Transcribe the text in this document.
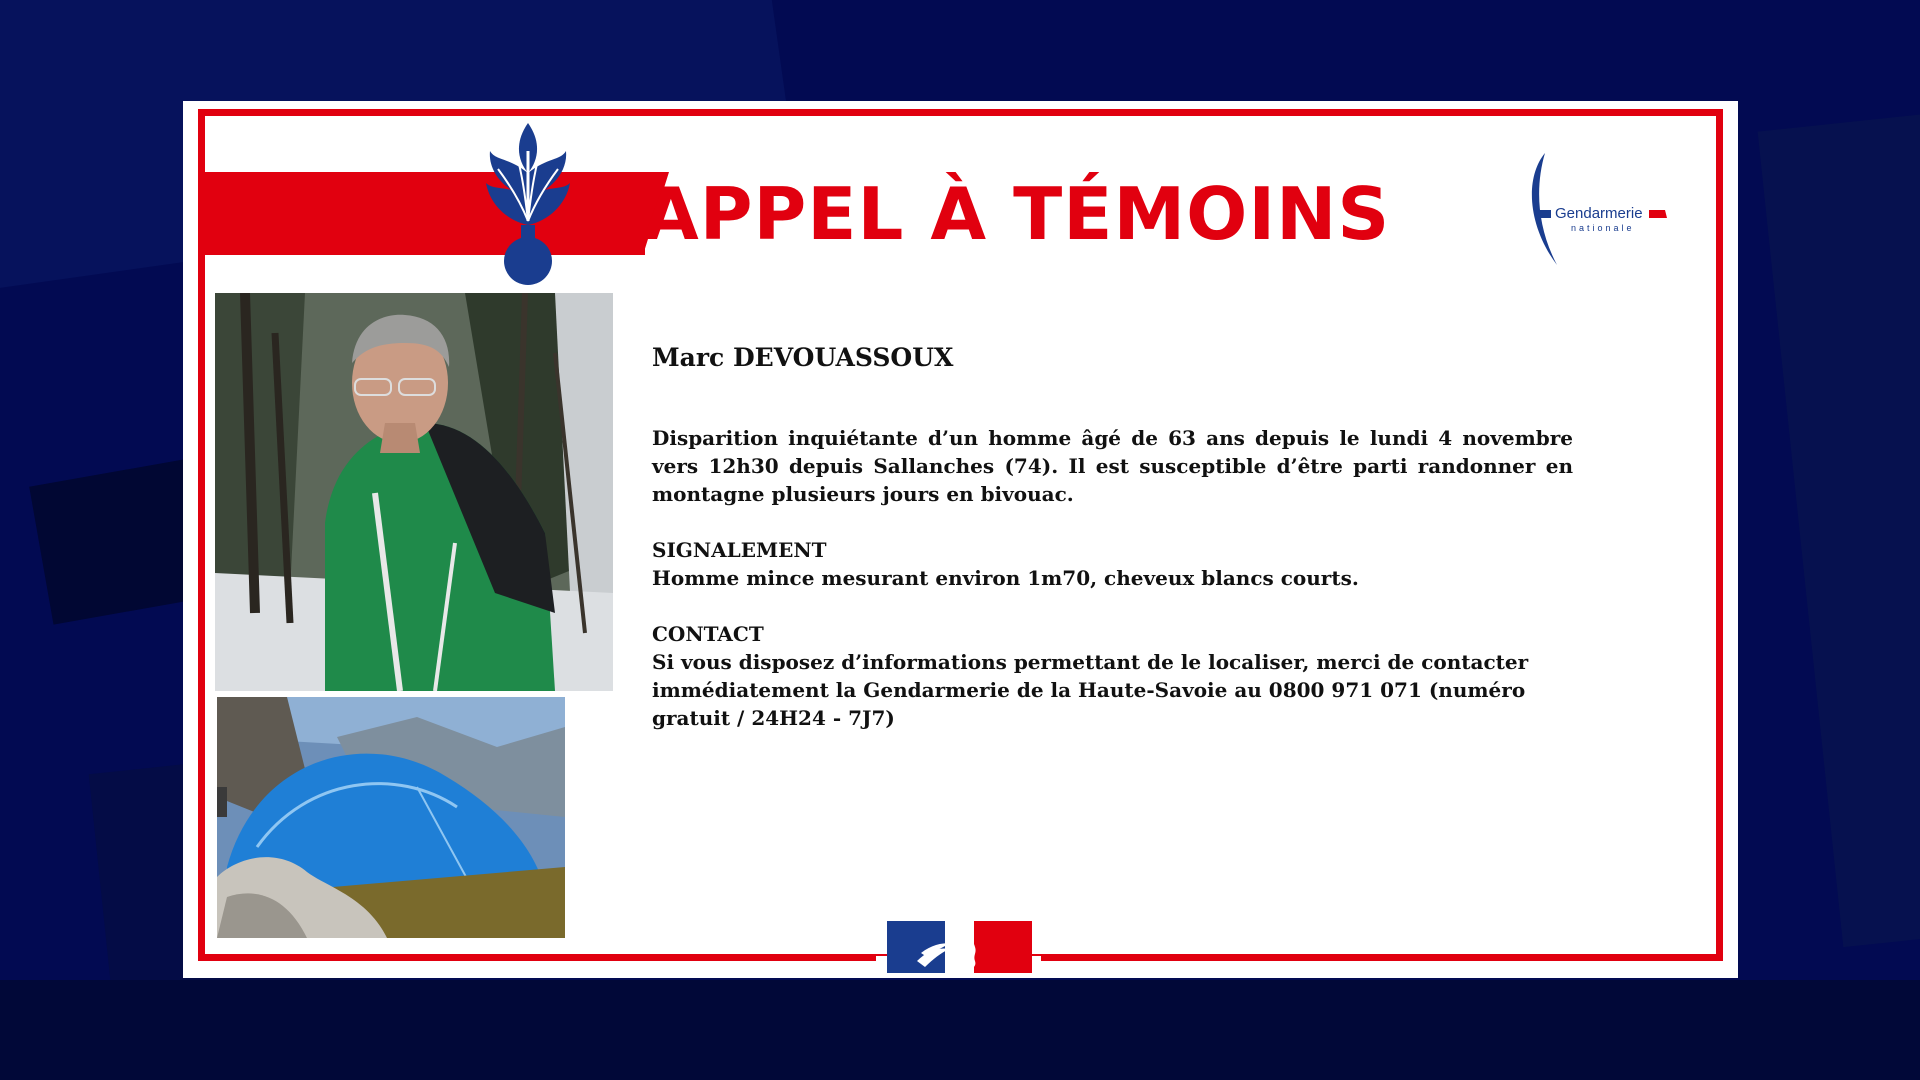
APPEL À TÉMOINS	Gendarmerie
nationale

Marc DEVOUASSOUX

Disparition inquiétante d’un homme âgé de 63 ans depuis le lundi 4 novembre vers 12h30 depuis Sallanches (74). Il est susceptible d’être parti randonner en montagne plusieurs jours en bivouac.

SIGNALEMENT

Homme mince mesurant environ 1m70, cheveux blancs courts.

CONTACT

Si vous disposez d’informations permettant de le localiser, merci de contacter immédiatement la Gendarmerie de la Haute-Savoie au 0800 971 071 (numéro gratuit / 24H24 - 7J7)
